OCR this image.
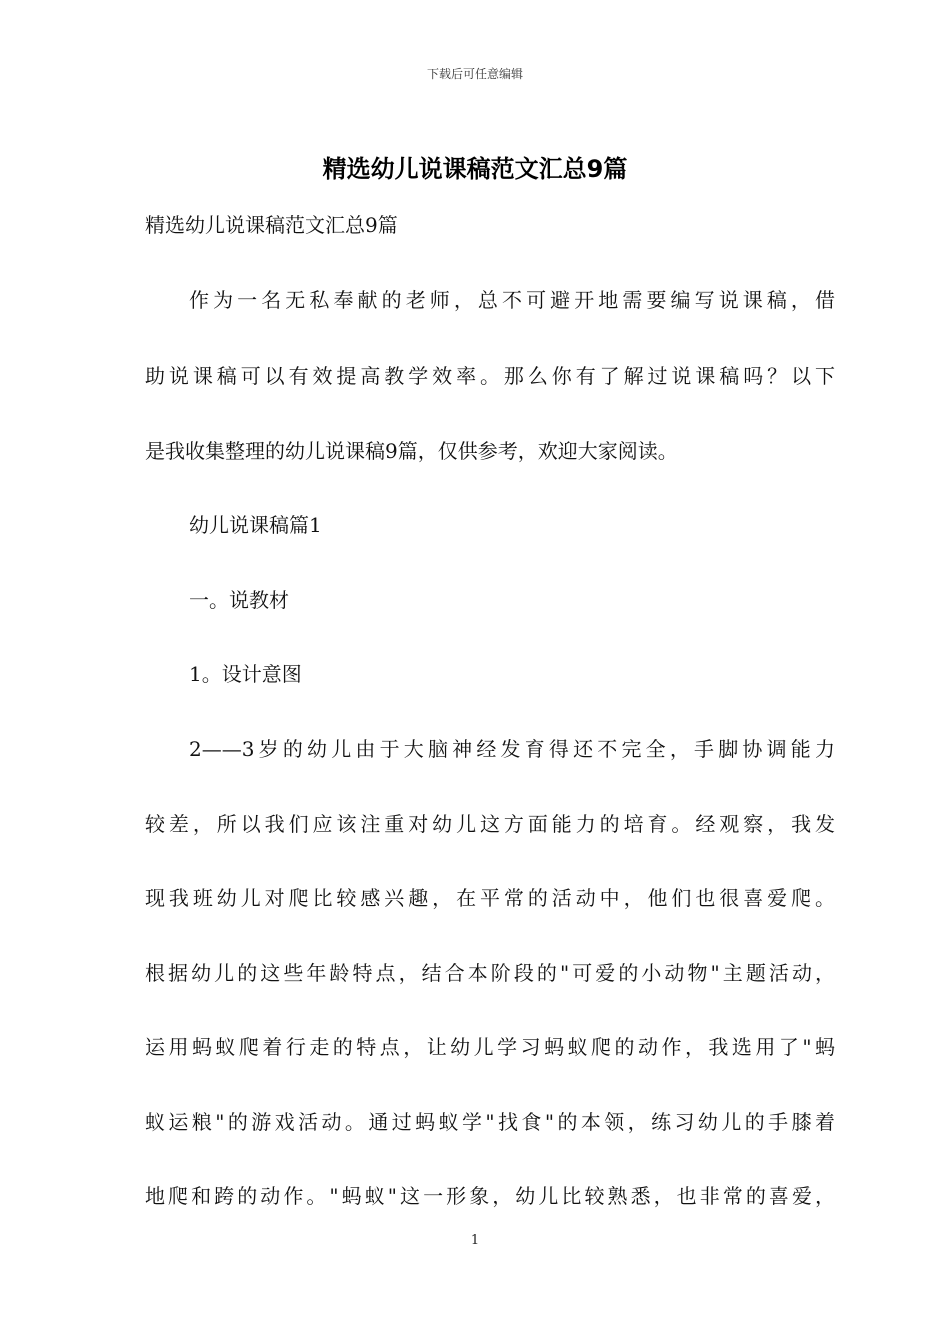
下载后可任意编辑
精选幼儿说课稿范文汇总9篇

精选幼儿说课稿范文汇总9篇

作为一名无私奉献的老师，总不可避开地需要编写说课稿，借

助说课稿可以有效提高教学效率。那么你有了解过说课稿吗？以下

是我收集整理的幼儿说课稿9篇，仅供参考，欢迎大家阅读。

幼儿说课稿篇1

一。说教材

1。设计意图

2——3岁的幼儿由于大脑神经发育得还不完全，手脚协调能力

较差，所以我们应该注重对幼儿这方面能力的培育。经观察，我发

现我班幼儿对爬比较感兴趣，在平常的活动中，他们也很喜爱爬。

根据幼儿的这些年龄特点，结合本阶段的"可爱的小动物"主题活动，

运用蚂蚁爬着行走的特点，让幼儿学习蚂蚁爬的动作，我选用了"蚂

蚁运粮"的游戏活动。通过蚂蚁学"找食"的本领，练习幼儿的手膝着

地爬和跨的动作。"蚂蚁"这一形象，幼儿比较熟悉，也非常的喜爱，

1
